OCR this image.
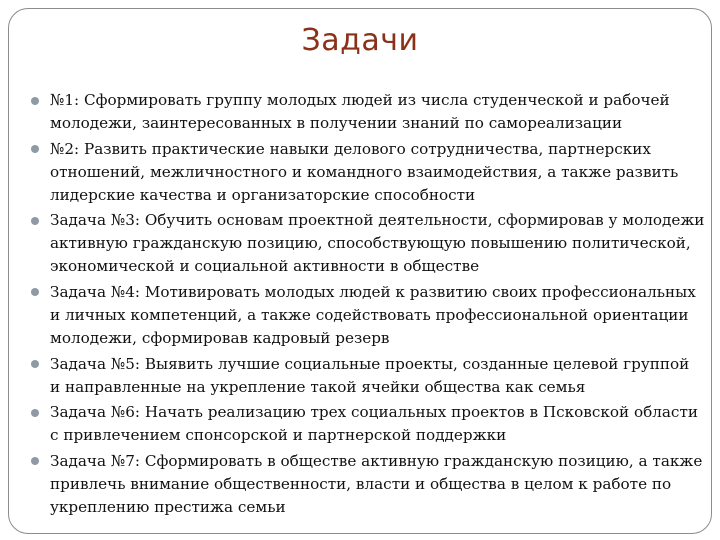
Задачи
№1: Сформировать группу молодых людей из числа студенческой и рабочей
молодежи, заинтересованных в получении знаний по самореализации
№2: Развить практические навыки делового сотрудничества, партнерских
отношений, межличностного и командного взаимодействия, а также развить
лидерские качества и организаторские способности
Задача №3: Обучить основам проектной деятельности, сформировав у молодежи
активную гражданскую позицию, способствующую повышению политической,
экономической и социальной активности в обществе
Задача №4: Мотивировать молодых людей к развитию своих профессиональных
и личных компетенций, а также содействовать профессиональной ориентации
молодежи, сформировав кадровый резерв
Задача №5: Выявить лучшие социальные проекты, созданные целевой группой
и направленные на укрепление такой ячейки общества как семья
Задача №6: Начать реализацию трех социальных проектов в Псковской области
с привлечением спонсорской и партнерской поддержки
Задача №7: Сформировать в обществе активную гражданскую позицию, а также
привлечь внимание общественности, власти и общества в целом к работе по
укреплению престижа семьи
